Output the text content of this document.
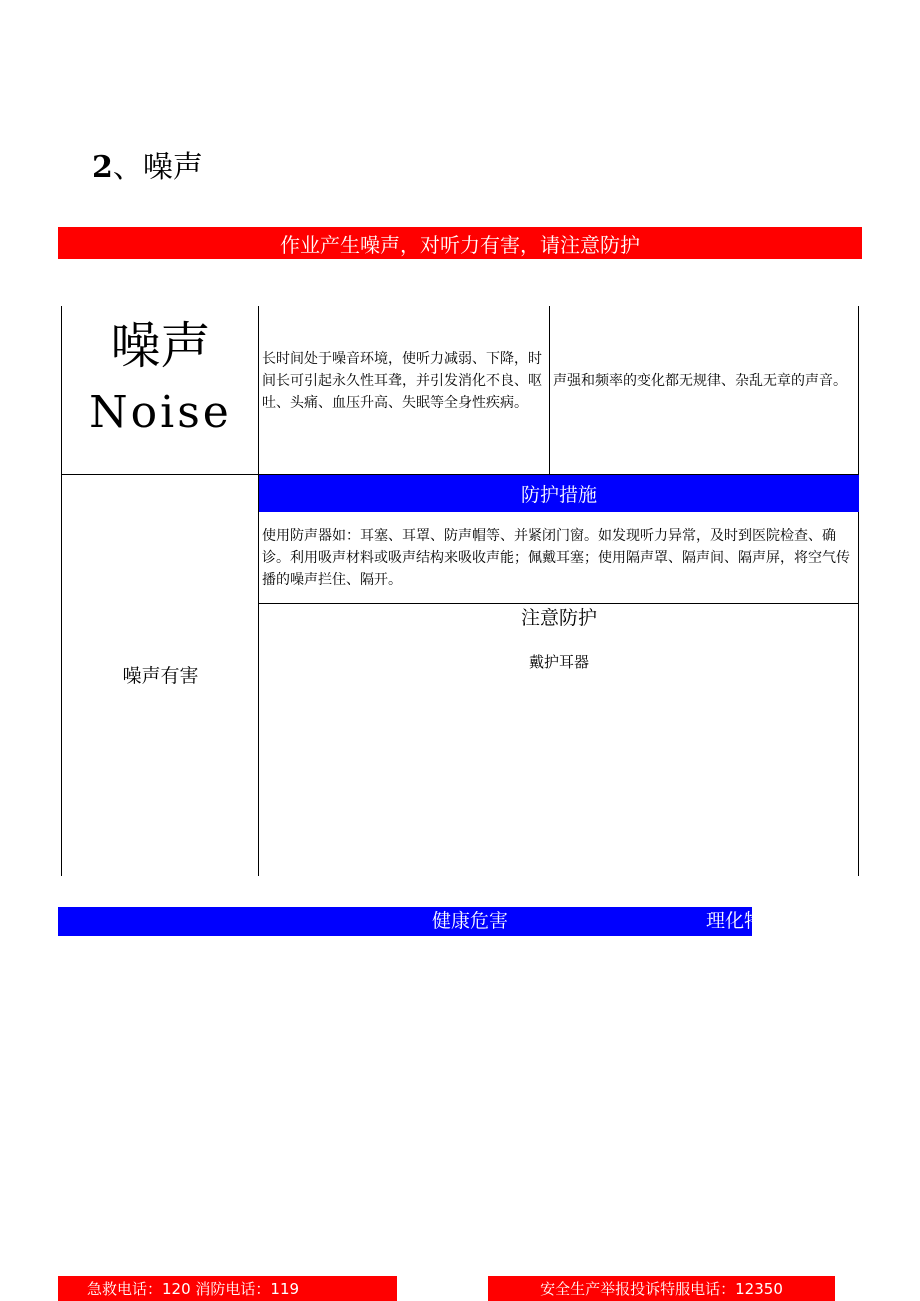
2、噪声
作业产生噪声，对听力有害，请注意防护
噪声
Noise
长时间处于噪音环境，使听力减弱、下降，时间长可引起永久性耳聋，并引发消化不良、呕吐、头痛、血压升高、失眠等全身性疾病。
声强和频率的变化都无规律、杂乱无章的声音。
防护措施
使用防声器如：耳塞、耳罩、防声帽等、并紧闭门窗。如发现听力异常，及时到医院检查、确诊。利用吸声材料或吸声结构来吸收声能；佩戴耳塞；使用隔声罩、隔声间、隔声屏，将空气传播的噪声拦住、隔开。
注意防护
戴护耳器
噪声有害
健康危害	理化特性
急救电话：120 消防电话：119	安全生产举报投诉特服电话：12350
